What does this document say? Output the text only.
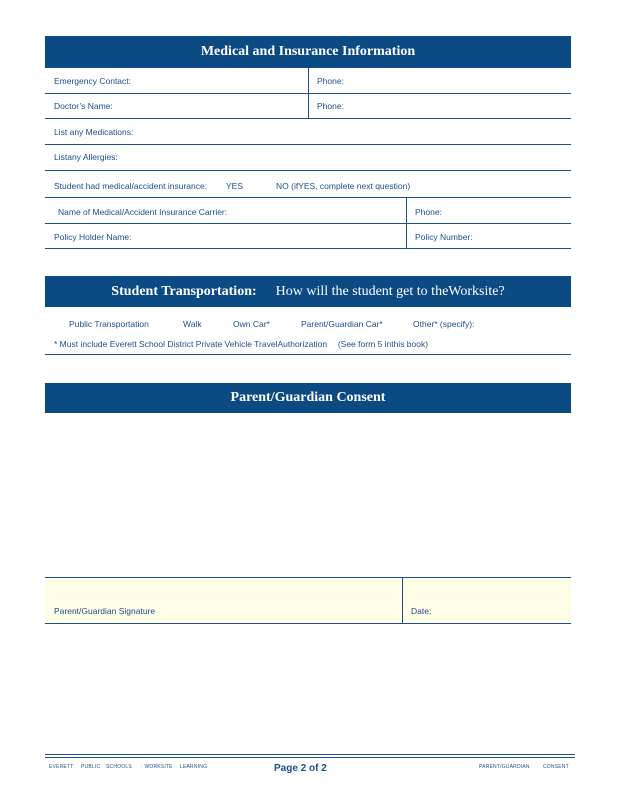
Medical and Insurance Information
Emergency Contact:	Phone:
Doctor’s Name:	Phone:
List any Medications:
Listany Allergies:
Student had medical/accident insurance: YES	NO (ifYES, complete next question)
Name of Medical/Accident Insurance Carrier:	Phone:
Policy Holder Name:	Policy Number:
Student Transportation: How will the student get to theWorksite?
Public Transportation	Walk	Own Car*	Parent/Guardian Car*	Other* (specify):
* Must include Everett School District Private Vehicle TravelAuthorization (See form 5 inthis book)
Parent/Guardian Consent
Parent/Guardian Signature	Date:
EVERETT PUBLIC SCHOOLS · WORKSITE LEARNING	Page 2 of 2	PARENT/GUARDIAN	CONSENT
